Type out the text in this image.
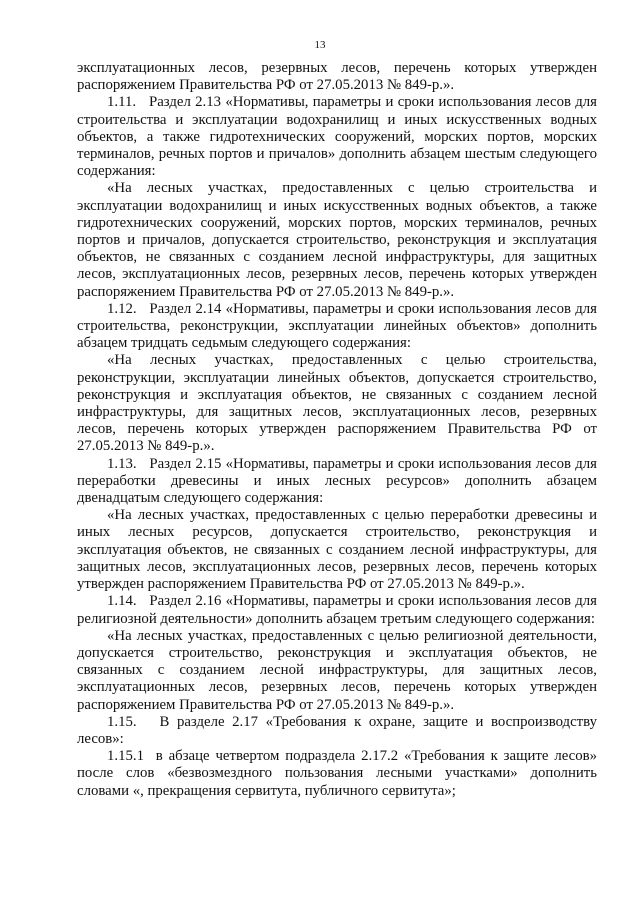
13

эксплуатационных лесов, резервных лесов, перечень которых утвержден распоряжением Правительства РФ от 27.05.2013 № 849-р.».

1.11.   Раздел 2.13 «Нормативы, параметры и сроки использования лесов для строительства и эксплуатации водохранилищ и иных искусственных водных объектов, а также гидротехнических сооружений, морских портов, морских терминалов, речных портов и причалов» дополнить абзацем шестым следующего содержания:

«На лесных участках, предоставленных с целью строительства и эксплуатации водохранилищ и иных искусственных водных объектов, а также гидротехнических сооружений, морских портов, морских терминалов, речных портов и причалов, допускается строительство, реконструкция и эксплуатация объектов, не связанных с созданием лесной инфраструктуры, для защитных лесов, эксплуатационных лесов, резервных лесов, перечень которых утвержден распоряжением Правительства РФ от 27.05.2013 № 849-р.».

1.12.   Раздел 2.14 «Нормативы, параметры и сроки использования лесов для строительства, реконструкции, эксплуатации линейных объектов» дополнить абзацем тридцать седьмым следующего содержания:

«На лесных участках, предоставленных с целью строительства, реконструкции, эксплуатации линейных объектов, допускается строительство, реконструкция и эксплуатация объектов, не связанных с созданием лесной инфраструктуры, для защитных лесов, эксплуатационных лесов, резервных лесов, перечень которых утвержден распоряжением Правительства РФ от 27.05.2013 № 849-р.».

1.13.   Раздел 2.15 «Нормативы, параметры и сроки использования лесов для переработки древесины и иных лесных ресурсов» дополнить абзацем двенадцатым следующего содержания:

«На лесных участках, предоставленных с целью переработки древесины и иных лесных ресурсов, допускается строительство, реконструкция и эксплуатация объектов, не связанных с созданием лесной инфраструктуры, для защитных лесов, эксплуатационных лесов, резервных лесов, перечень которых утвержден распоряжением Правительства РФ от 27.05.2013 № 849-р.».

1.14.   Раздел 2.16 «Нормативы, параметры и сроки использования лесов для религиозной деятельности» дополнить абзацем третьим следующего содержания:

«На лесных участках, предоставленных с целью религиозной деятельности, допускается строительство, реконструкция и эксплуатация объектов, не связанных с созданием лесной инфраструктуры, для защитных лесов, эксплуатационных лесов, резервных лесов, перечень которых утвержден распоряжением Правительства РФ от 27.05.2013 № 849-р.».

1.15.   В разделе 2.17 «Требования к охране, защите и воспроизводству лесов»:

1.15.1  в абзаце четвертом подраздела 2.17.2 «Требования к защите лесов» после слов «безвозмездного пользования лесными участками» дополнить словами «, прекращения сервитута, публичного сервитута»;
